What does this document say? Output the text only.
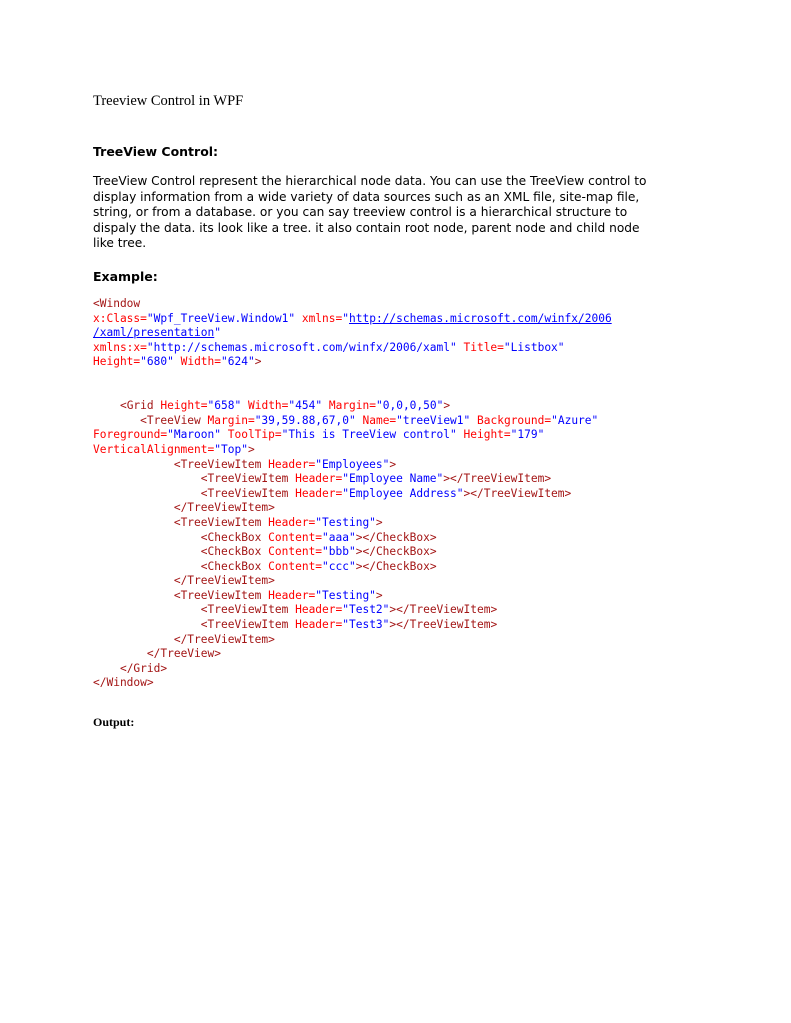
Treeview Control in WPF
TreeView Control:
TreeView Control represent the hierarchical node data. You can use the TreeView control to
display information from a wide variety of data sources such as an XML file, site-map file,
string, or from a database. or you can say treeview control is a hierarchical structure to
dispaly the data. its look like a tree. it also contain root node, parent node and child node
like tree.
Example:
<Window
x:Class="Wpf_TreeView.Window1" xmlns="http://schemas.microsoft.com/winfx/2006
/xaml/presentation"
xmlns:x="http://schemas.microsoft.com/winfx/2006/xaml" Title="Listbox"
Height="680" Width="624">

<Grid Height="658" Width="454" Margin="0,0,0,50">
<TreeView Margin="39,59.88,67,0" Name="treeView1" Background="Azure"
Foreground="Maroon" ToolTip="This is TreeView control" Height="179"
VerticalAlignment="Top">
<TreeViewItem Header="Employees">
<TreeViewItem Header="Employee Name"></TreeViewItem>
<TreeViewItem Header="Employee Address"></TreeViewItem>
</TreeViewItem>
<TreeViewItem Header="Testing">
<CheckBox Content="aaa"></CheckBox>
<CheckBox Content="bbb"></CheckBox>
<CheckBox Content="ccc"></CheckBox>
</TreeViewItem>
<TreeViewItem Header="Testing">
<TreeViewItem Header="Test2"></TreeViewItem>
<TreeViewItem Header="Test3"></TreeViewItem>
</TreeViewItem>
</TreeView>
</Grid>
</Window>
Output:
